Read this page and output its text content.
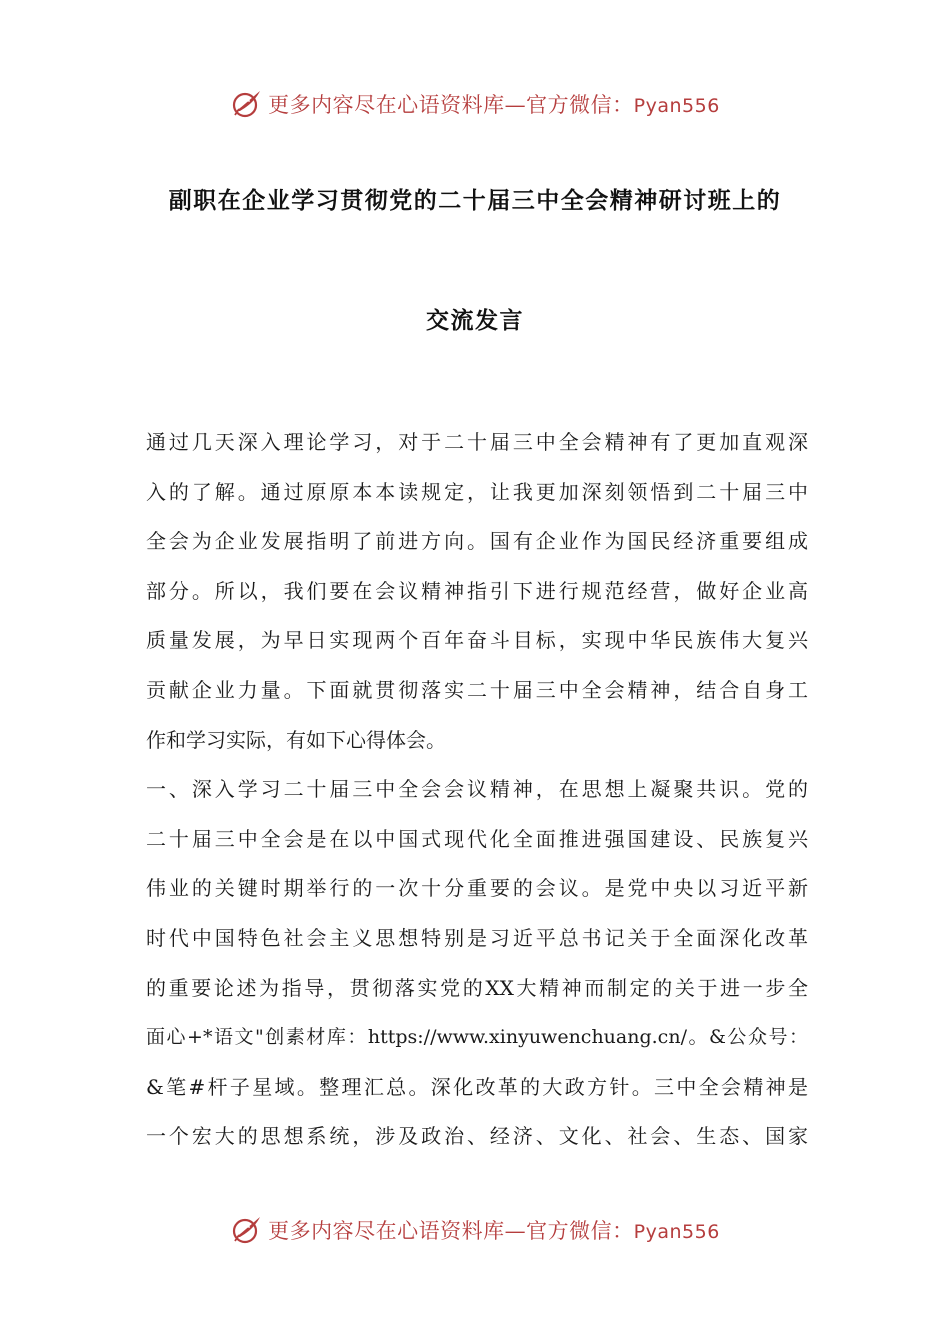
更多内容尽在心语资料库—官方微信：Pyan556
副职在企业学习贯彻党的二十届三中全会精神研讨班上的
交流发言
通过几天深入理论学习，对于二十届三中全会精神有了更加直观深
入的了解。通过原原本本读规定，让我更加深刻领悟到二十届三中
全会为企业发展指明了前进方向。国有企业作为国民经济重要组成
部分。所以，我们要在会议精神指引下进行规范经营，做好企业高
质量发展，为早日实现两个百年奋斗目标，实现中华民族伟大复兴
贡献企业力量。下面就贯彻落实二十届三中全会精神，结合自身工
作和学习实际，有如下心得体会。
一、深入学习二十届三中全会会议精神，在思想上凝聚共识。党的
二十届三中全会是在以中国式现代化全面推进强国建设、民族复兴
伟业的关键时期举行的一次十分重要的会议。是党中央以习近平新
时代中国特色社会主义思想特别是习近平总书记关于全面深化改革
的重要论述为指导，贯彻落实党的XX大精神而制定的关于进一步全
面心+*语文"创素材库：https://www.xinyuwenchuang.cn/。&公众号：
&笔#杆子星域。整理汇总。深化改革的大政方针。三中全会精神是
一个宏大的思想系统，涉及政治、经济、文化、社会、生态、国家
更多内容尽在心语资料库—官方微信：Pyan556
